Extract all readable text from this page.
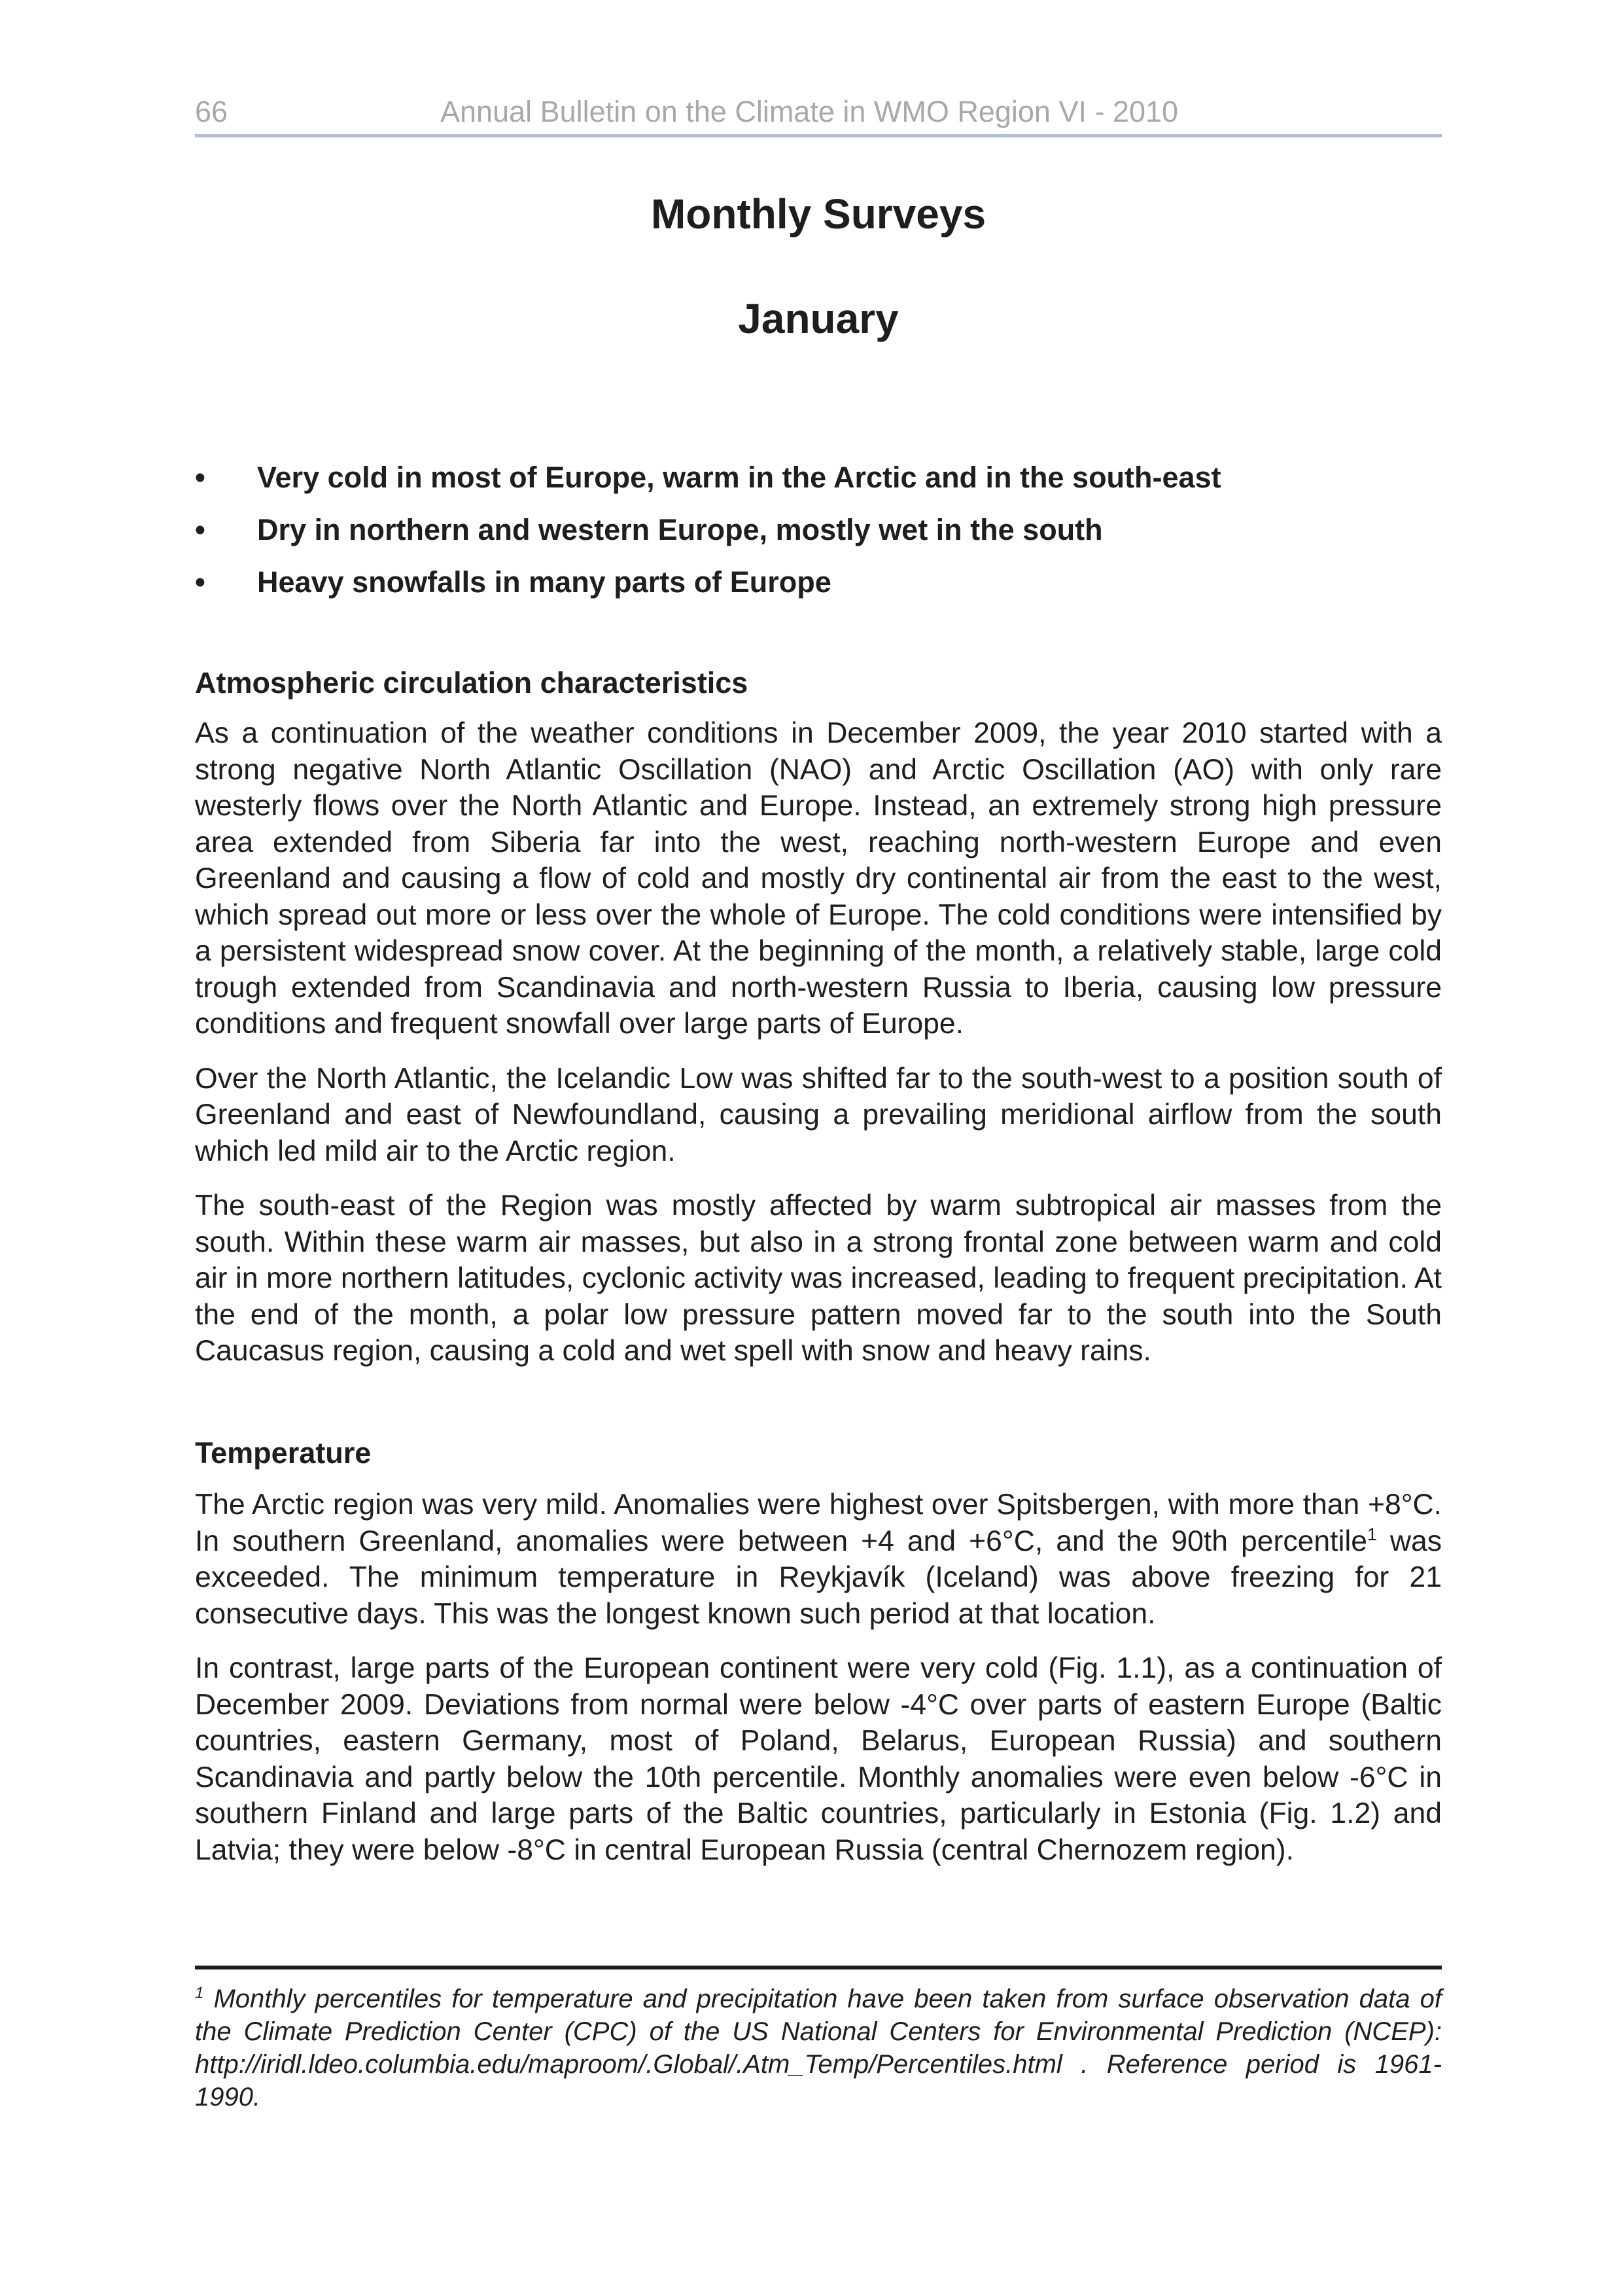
66	Annual Bulletin on the Climate in WMO Region VI - 2010
Monthly Surveys
January
• Very cold in most of Europe, warm in the Arctic and in the south-east
• Dry in northern and western Europe, mostly wet in the south
• Heavy snowfalls in many parts of Europe
Atmospheric circulation characteristics

As a continuation of the weather conditions in December 2009, the year 2010 started with a strong negative North Atlantic Oscillation (NAO) and Arctic Oscillation (AO) with only rare westerly flows over the North Atlantic and Europe. Instead, an extremely strong high pressure area extended from Siberia far into the west, reaching north-western Europe and even Greenland and causing a flow of cold and mostly dry continental air from the east to the west, which spread out more or less over the whole of Europe. The cold conditions were intensified by a persistent widespread snow cover. At the beginning of the month, a relatively stable, large cold trough extended from Scandinavia and north-western Russia to Iberia, causing low pressure conditions and frequent snowfall over large parts of Europe.

Over the North Atlantic, the Icelandic Low was shifted far to the south-west to a position south of Greenland and east of Newfoundland, causing a prevailing meridional airflow from the south which led mild air to the Arctic region.

The south-east of the Region was mostly affected by warm subtropical air masses from the south. Within these warm air masses, but also in a strong frontal zone between warm and cold air in more northern latitudes, cyclonic activity was increased, leading to frequent precipitation. At the end of the month, a polar low pressure pattern moved far to the south into the South Caucasus region, causing a cold and wet spell with snow and heavy rains.

Temperature

The Arctic region was very mild. Anomalies were highest over Spitsbergen, with more than +8°C. In southern Greenland, anomalies were between +4 and +6°C, and the 90th percentile$^1$ was exceeded. The minimum temperature in Reykjavík (Iceland) was above freezing for 21 consecutive days. This was the longest known such period at that location.

In contrast, large parts of the European continent were very cold (Fig. 1.1), as a continuation of December 2009. Deviations from normal were below -4°C over parts of eastern Europe (Baltic countries, eastern Germany, most of Poland, Belarus, European Russia) and southern Scandinavia and partly below the 10th percentile. Monthly anomalies were even below -6°C in southern Finland and large parts of the Baltic countries, particularly in Estonia (Fig. 1.2) and Latvia; they were below -8°C in central European Russia (central Chernozem region).

$^1$ Monthly percentiles for temperature and precipitation have been taken from surface observation data of the Climate Prediction Center (CPC) of the US National Centers for Environmental Prediction (NCEP): http://iridl.ldeo.columbia.edu/maproom/.Global/.Atm_Temp/Percentiles.html . Reference period is 1961-1990.
